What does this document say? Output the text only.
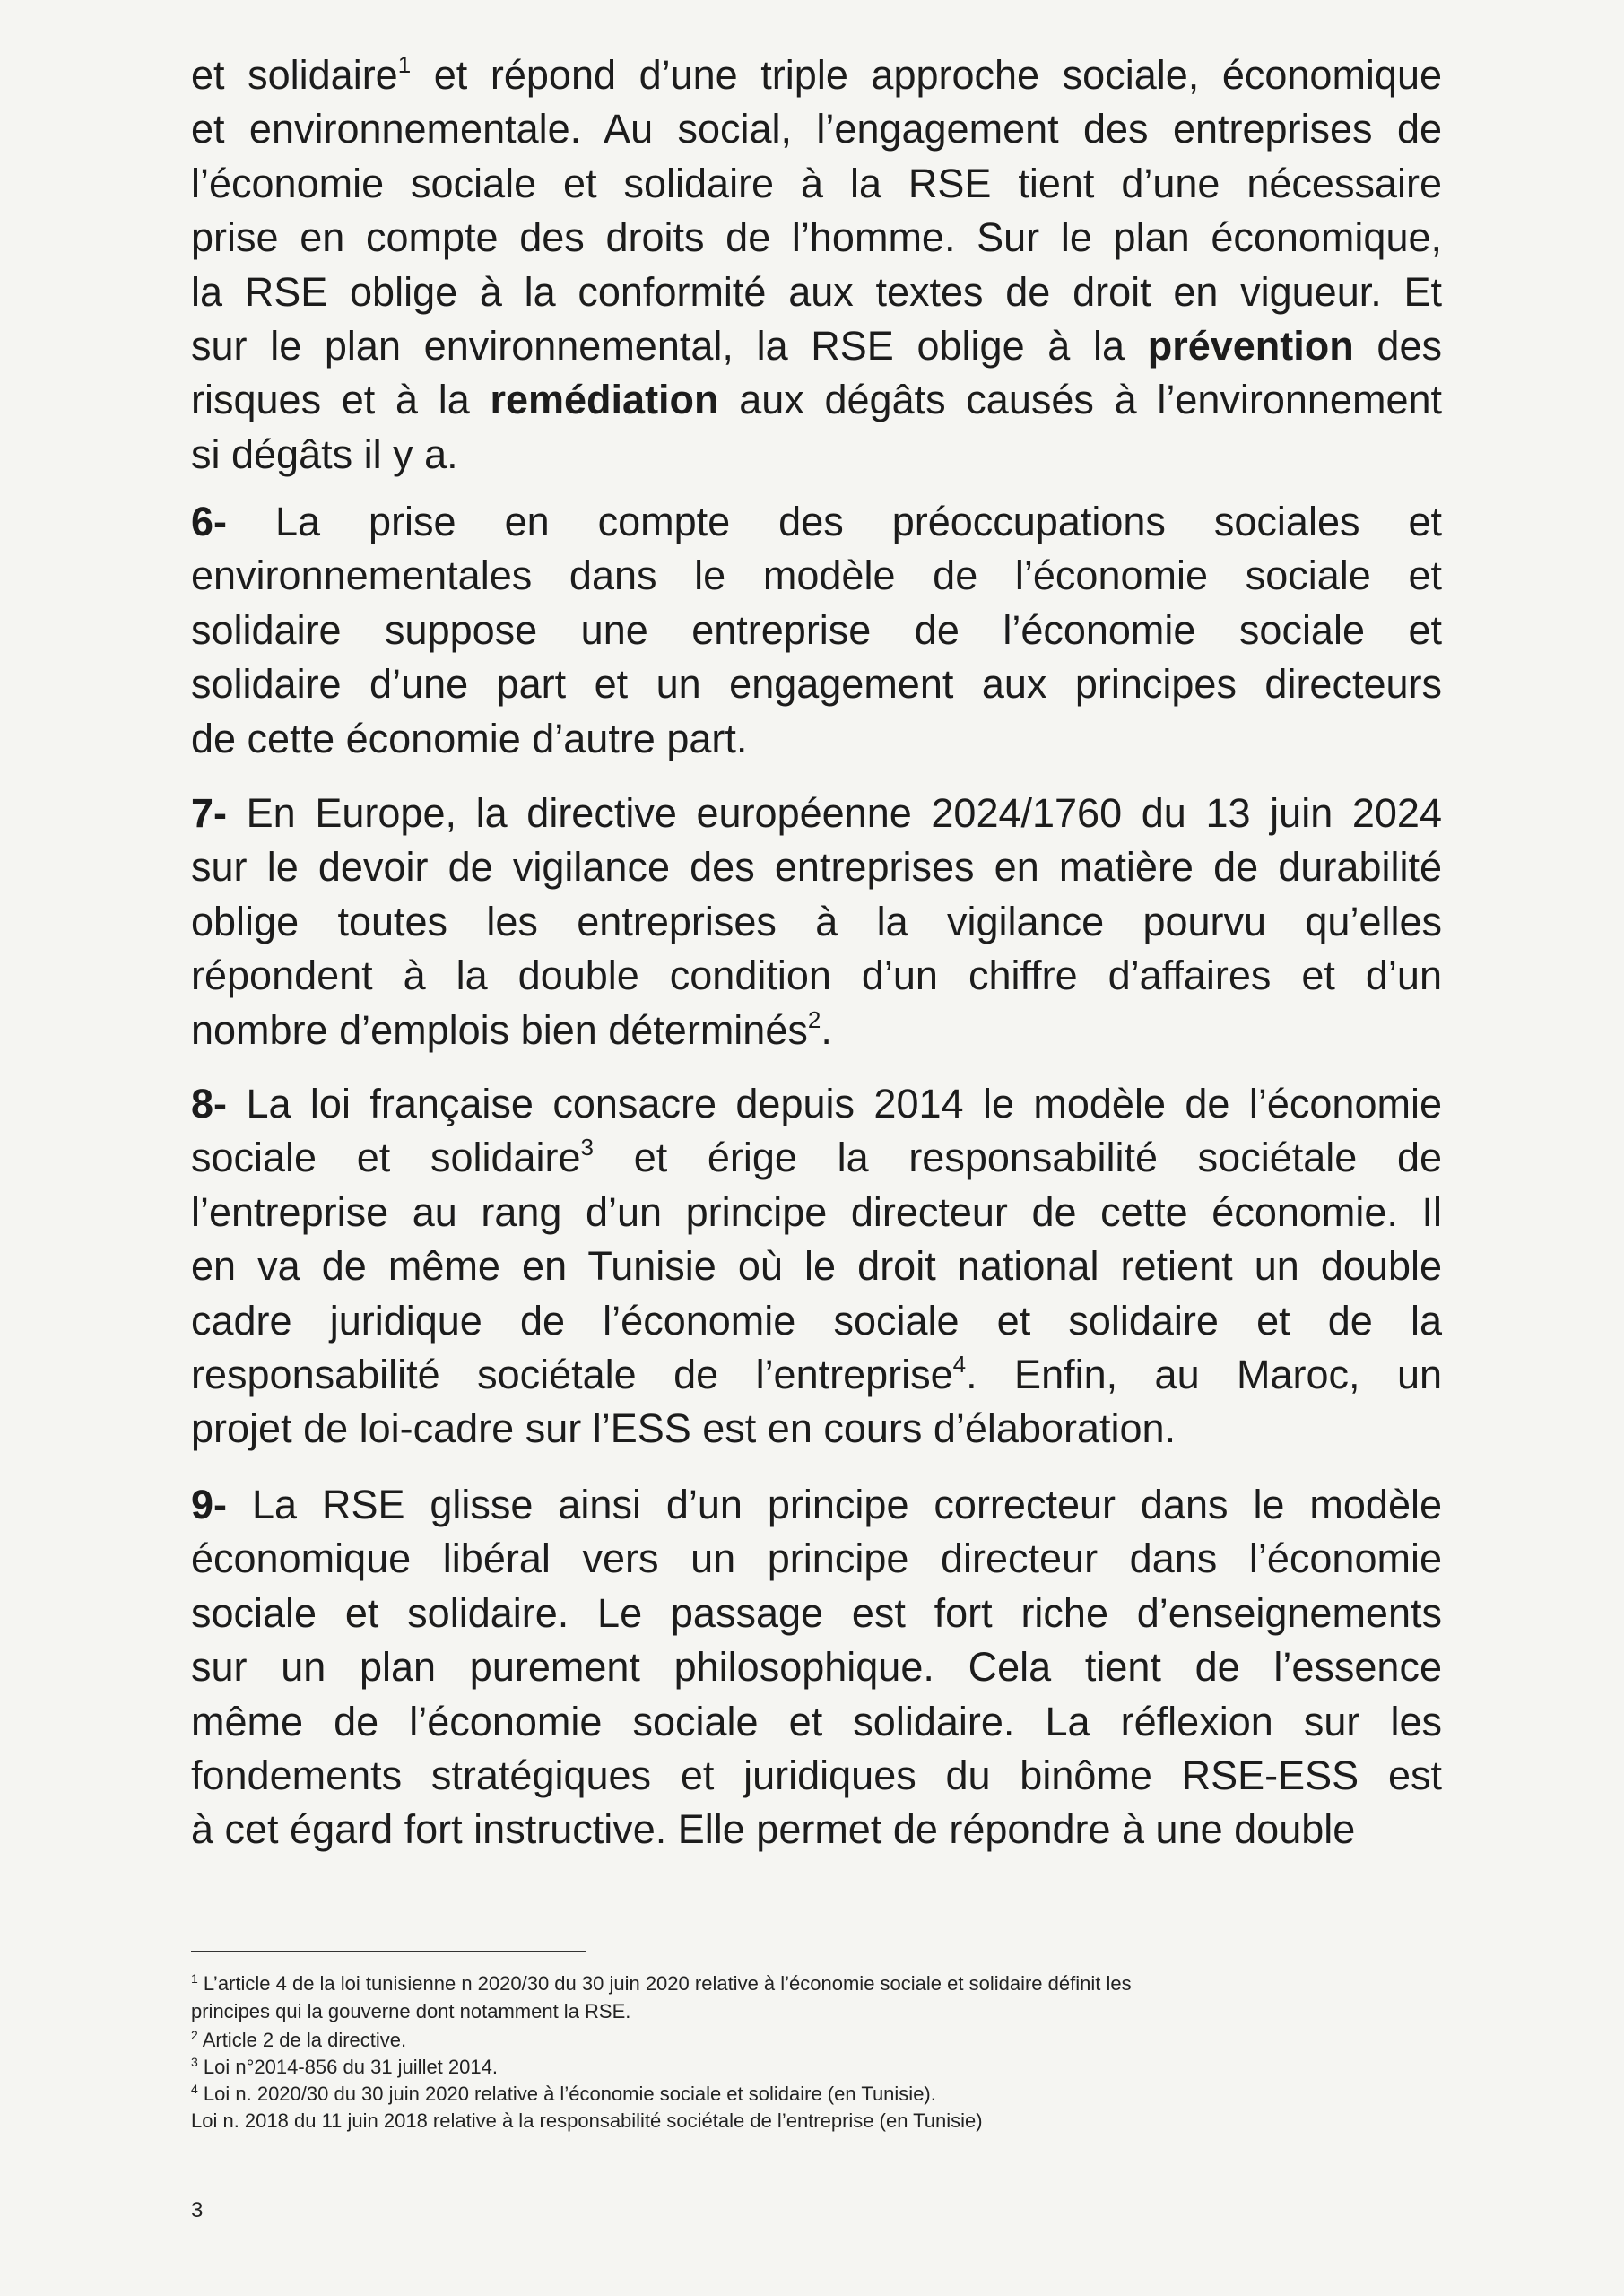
et solidaire$^1$ et répond d’une triple approche sociale, économique
et environnementale. Au social, l’engagement des entreprises de
l’économie sociale et solidaire à la RSE tient d’une nécessaire
prise en compte des droits de l’homme. Sur le plan économique,
la RSE oblige à la conformité aux textes de droit en vigueur. Et
sur le plan environnemental, la RSE oblige à la prévention des
risques et à la remédiation aux dégâts causés à l’environnement
si dégâts il y a.
6- La prise en compte des préoccupations sociales et
environnementales dans le modèle de l’économie sociale et
solidaire suppose une entreprise de l’économie sociale et
solidaire d’une part et un engagement aux principes directeurs
de cette économie d’autre part.
7- En Europe, la directive européenne 2024/1760 du 13 juin 2024
sur le devoir de vigilance des entreprises en matière de durabilité
oblige toutes les entreprises à la vigilance pourvu qu’elles
répondent à la double condition d’un chiffre d’affaires et d’un
nombre d’emplois bien déterminés$^2$.
8- La loi française consacre depuis 2014 le modèle de l’économie
sociale et solidaire$^3$ et érige la responsabilité sociétale de
l’entreprise au rang d’un principe directeur de cette économie. Il
en va de même en Tunisie où le droit national retient un double
cadre juridique de l’économie sociale et solidaire et de la
responsabilité sociétale de l’entreprise$^4$. Enfin, au Maroc, un
projet de loi-cadre sur l’ESS est en cours d’élaboration.
9- La RSE glisse ainsi d’un principe correcteur dans le modèle
économique libéral vers un principe directeur dans l’économie
sociale et solidaire. Le passage est fort riche d’enseignements
sur un plan purement philosophique. Cela tient de l’essence
même de l’économie sociale et solidaire. La réflexion sur les
fondements stratégiques et juridiques du binôme RSE-ESS est
à cet égard fort instructive. Elle permet de répondre à une double
$^1$ L’article 4 de la loi tunisienne n 2020/30 du 30 juin 2020 relative à l’économie sociale et solidaire définit les
principes qui la gouverne dont notamment la RSE.
$^2$ Article 2 de la directive.
$^3$ Loi n°2014-856 du 31 juillet 2014.
$^4$ Loi n. 2020/30 du 30 juin 2020 relative à l’économie sociale et solidaire (en Tunisie).
Loi n. 2018 du 11 juin 2018 relative à la responsabilité sociétale de l’entreprise (en Tunisie)
3
